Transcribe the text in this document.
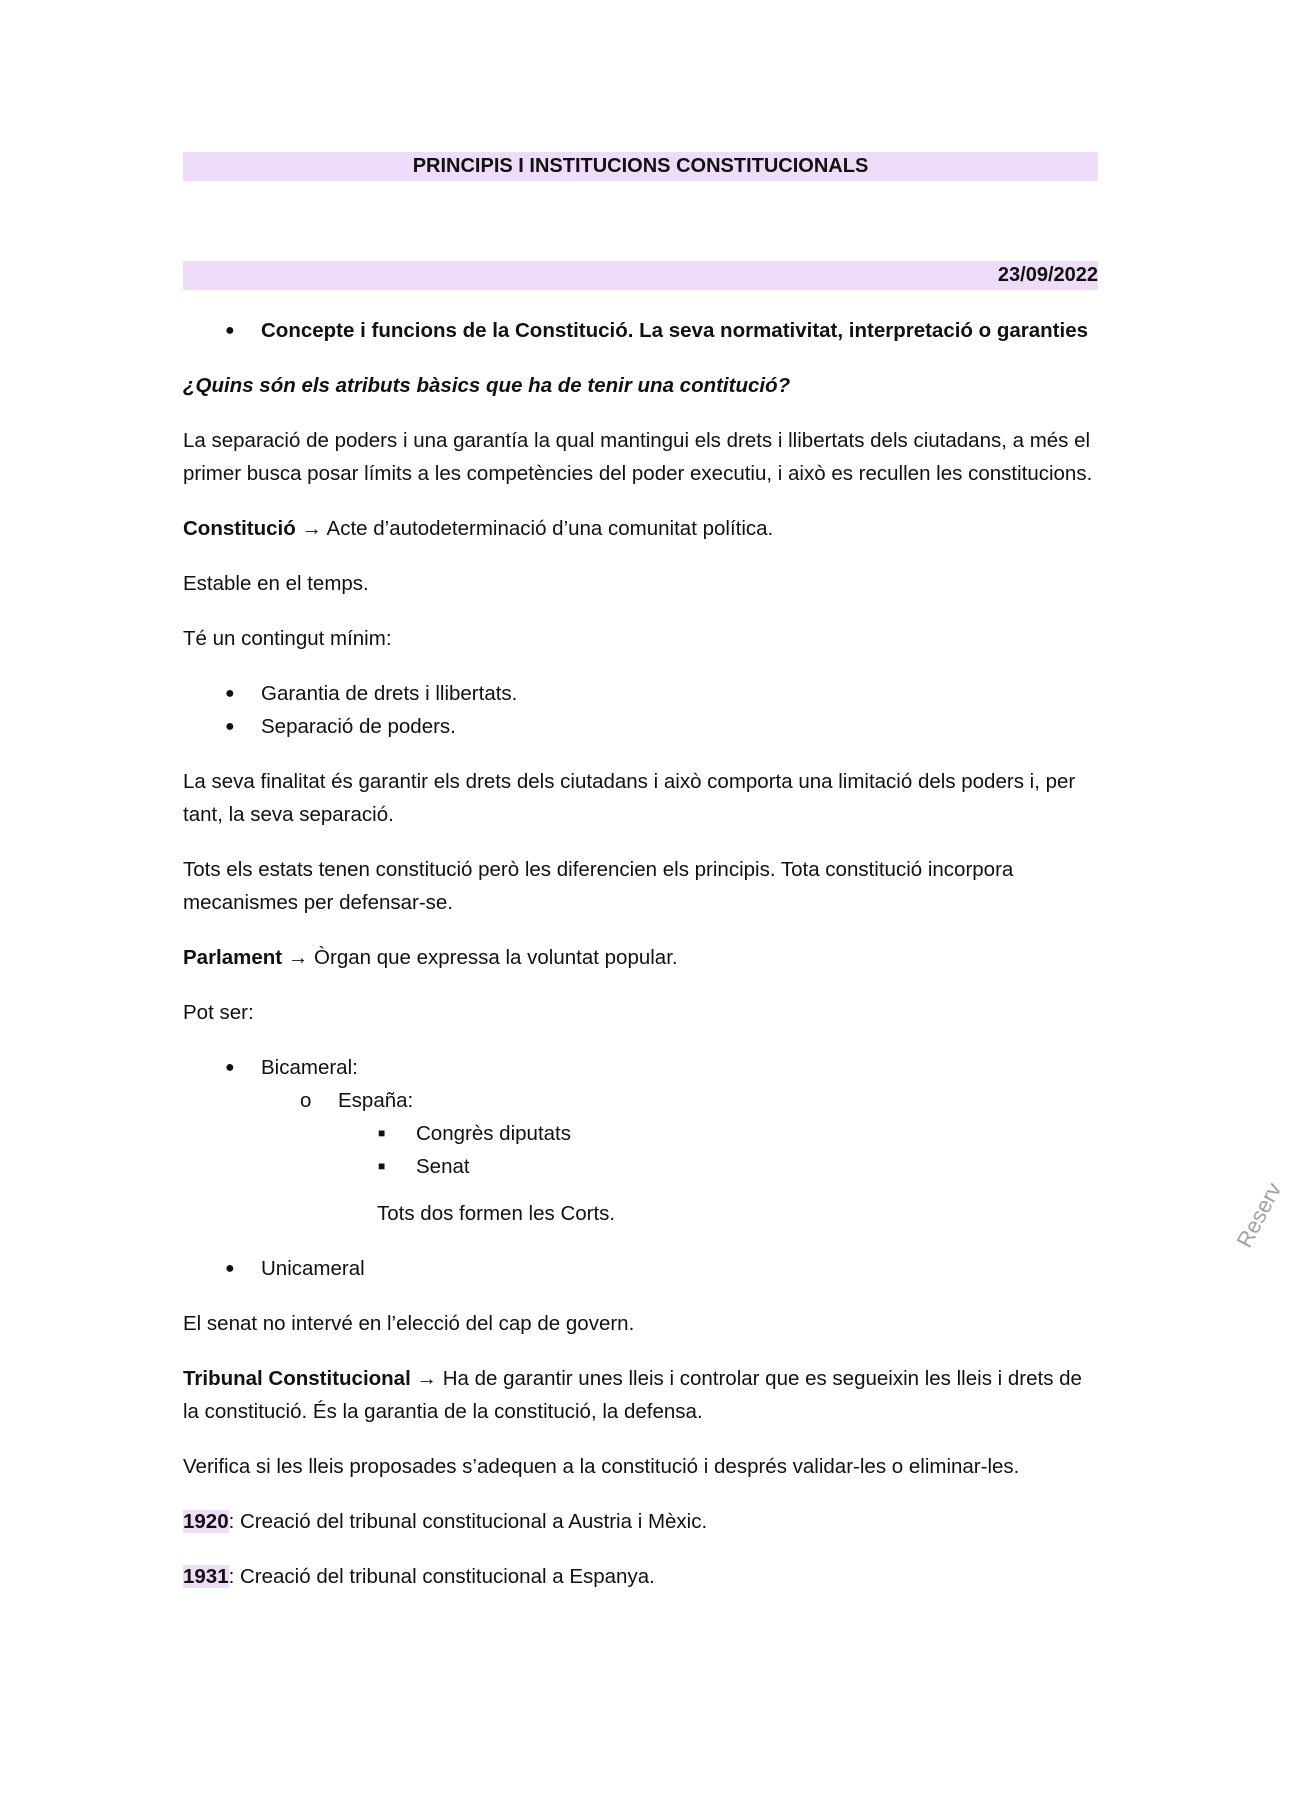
PRINCIPIS I INSTITUCIONS CONSTITUCIONALS
23/09/2022
● Concepte i funcions de la Constitució. La seva normativitat, interpretació o garanties

¿Quins són els atributs bàsics que ha de tenir una contitució?

La separació de poders i una garantía la qual mantingui els drets i llibertats dels ciutadans, a més el primer busca posar límits a les competències del poder executiu, i això es recullen les constitucions.

Constitució → Acte d’autodeterminació d’una comunitat política.

Estable en el temps.

Té un contingut mínim:

● Garantia de drets i llibertats.
● Separació de poders.

La seva finalitat és garantir els drets dels ciutadans i això comporta una limitació dels poders i, per tant, la seva separació.

Tots els estats tenen constitució però les diferencien els principis. Tota constitució incorpora mecanismes per defensar-se.

Parlament → Òrgan que expressa la voluntat popular.

Pot ser:

● Bicameral:
o España:
■ Congrès diputats
■ Senat
Tots dos formen les Corts.
● Unicameral

El senat no intervé en l’elecció del cap de govern.

Tribunal Constitucional → Ha de garantir unes lleis i controlar que es segueixin les lleis i drets de la constitució. És la garantia de la constitució, la defensa.

Verifica si les lleis proposades s’adequen a la constitució i després validar-les o eliminar-les.

1920: Creació del tribunal constitucional a Austria i Mèxic.

1931: Creació del tribunal constitucional a Espanya.

Reserv
